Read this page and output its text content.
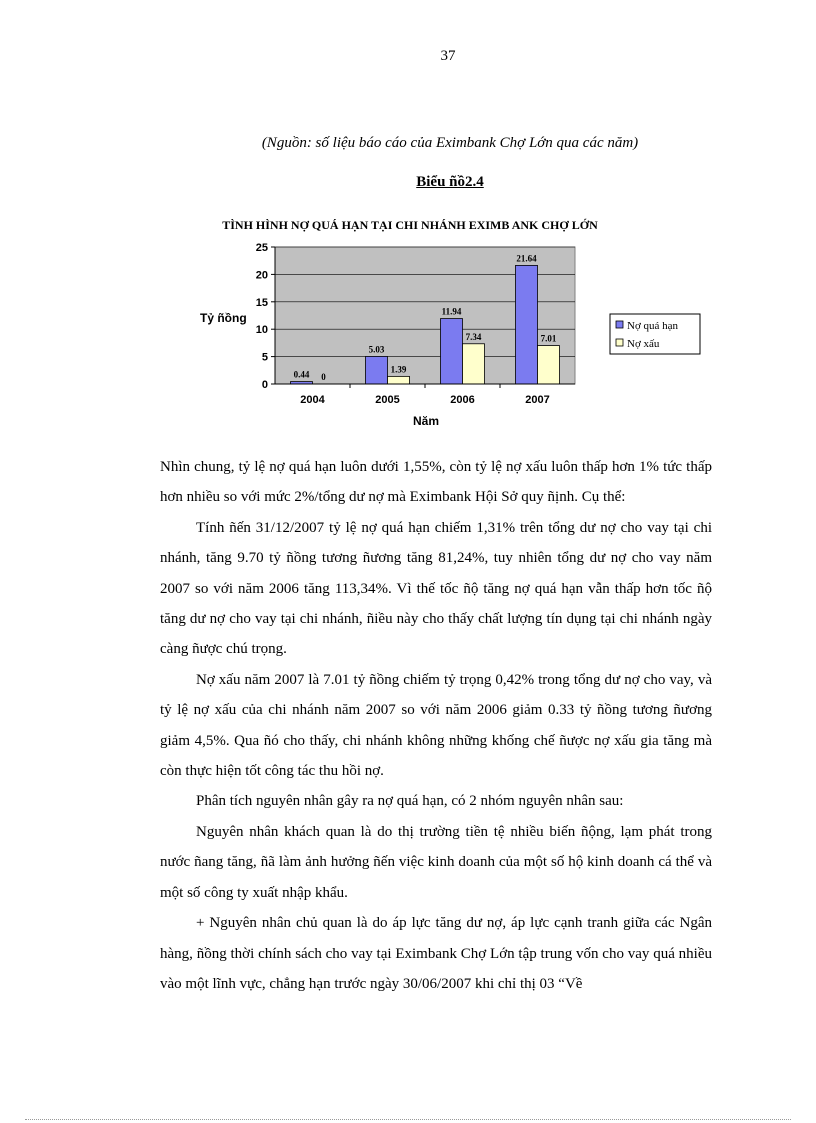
37
(Nguồn: số liệu báo cáo của Eximbank Chợ Lớn qua các năm)
Biểu ñồ2.4
TÌNH HÌNH NỢ QUÁ HẠN TẠI CHI NHÁNH EXIMB ANK CHỢ LỚN
0.44 0
5.03
1.39
11.94
7.34
21.64
7.01
0
5
10
15
20
25
2004	2005	2006	2007
Tỷ ñồng
Năm
Nợ quá hạn
Nợ xấu

Nhìn chung, tỷ lệ nợ quá hạn luôn dưới 1,55%, còn tỷ lệ nợ xấu luôn thấp hơn 1% tức thấp hơn nhiều so với mức 2%/tổng dư nợ mà Eximbank Hội Sở quy ñịnh. Cụ thể:

Tính ñến 31/12/2007 tỷ lệ nợ quá hạn chiếm 1,31% trên tổng dư nợ cho vay tại chi nhánh, tăng 9.70 tỷ ñồng tương ñương tăng 81,24%, tuy nhiên tổng dư nợ cho vay năm 2007 so với năm 2006 tăng 113,34%. Vì thế tốc ñộ tăng nợ quá hạn vẫn thấp hơn tốc ñộ tăng dư nợ cho vay tại chi nhánh, ñiều này cho thấy chất lượng tín dụng tại chi nhánh ngày càng ñược chú trọng.

Nợ xấu năm 2007 là 7.01 tỷ ñồng chiếm tỷ trọng 0,42% trong tổng dư nợ cho vay, và tỷ lệ nợ xấu của chi nhánh năm 2007 so với năm 2006 giảm 0.33 tỷ ñồng tương ñương giảm 4,5%. Qua ñó cho thấy, chi nhánh không những khống chế ñược nợ xấu gia tăng mà còn thực hiện tốt công tác thu hồi nợ.

Phân tích nguyên nhân gây ra nợ quá hạn, có 2 nhóm nguyên nhân sau:

Nguyên nhân khách quan là do thị trường tiền tệ nhiều biến ñộng, lạm phát trong nước ñang tăng, ñã làm ảnh hưởng ñến việc kinh doanh của một số hộ kinh doanh cá thể và một số công ty xuất nhập khẩu.

+ Nguyên nhân chủ quan là do áp lực tăng dư nợ, áp lực cạnh tranh giữa các Ngân hàng, ñồng thời chính sách cho vay tại Eximbank Chợ Lớn tập trung vốn cho vay quá nhiều vào một lĩnh vực, chẳng hạn trước ngày 30/06/2007 khi chỉ thị 03 “Về
